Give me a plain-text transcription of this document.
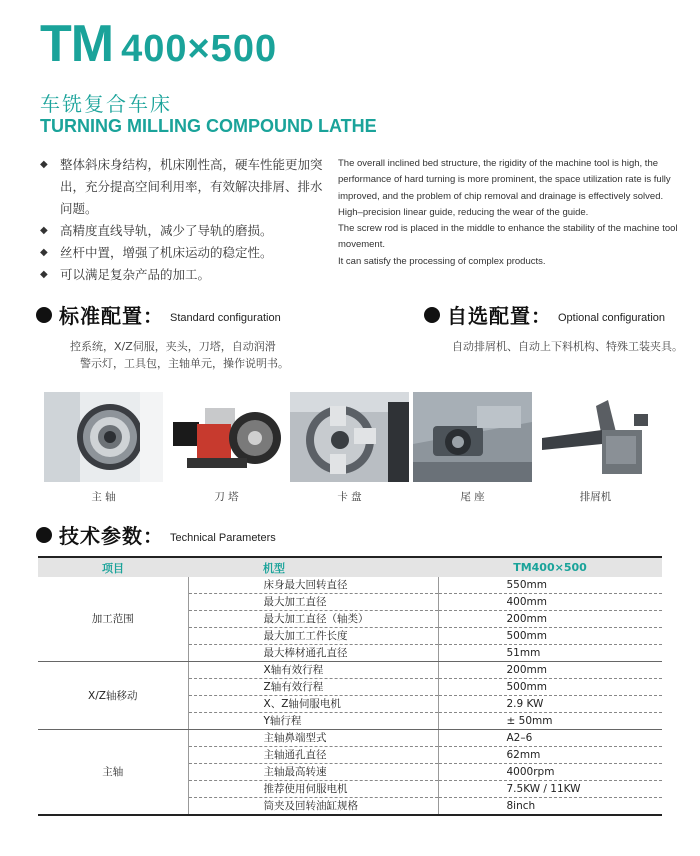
TM 400×500
车铣复合车床
TURNING MILLING COMPOUND LATHE
◆ 整体斜床身结构，机床刚性高，硬车性能更加突出，充分提高空间利用率，有效解决排屑、排水问题。
◆ 高精度直线导轨，减少了导轨的磨损。
◆ 丝杆中置，增强了机床运动的稳定性。
◆ 可以满足复杂产品的加工。
The overall inclined bed structure, the rigidity of the machine tool is high, the performance of hard turning is more prominent, the space utilization rate is fully improved, and the problem of chip removal and drainage is effectively solved.
High–precision linear guide, reducing the wear of the guide.
The screw rod is placed in the middle to enhance the stability of the machine tool movement.
It can satisfy the processing of complex products.
标准配置： Standard configuration
控系统，X/Z伺服，夹头，刀塔，自动润滑
警示灯，工具包，主轴单元，操作说明书。
自选配置： Optional configuration
自动排屑机、自动上下料机构、特殊工装夹具。
主 轴	刀 塔	卡 盘	尾 座	排屑机
技术参数： Technical Parameters
项目	机型	TM400×500
加工范围	床身最大回转直径	550mm
	最大加工直径	400mm
	最大加工直径（轴类）	200mm
	最大加工工件长度	500mm
	最大棒材通孔直径	51mm
X/Z轴移动	X轴有效行程	200mm
	Z轴有效行程	500mm
	X、Z轴伺服电机	2.9 KW
	Y轴行程	± 50mm
主轴	主轴鼻端型式	A2–6
	主轴通孔直径	62mm
	主轴最高转速	4000rpm
	推荐使用伺服电机	7.5KW / 11KW
	筒夹及回转油缸规格	8inch
